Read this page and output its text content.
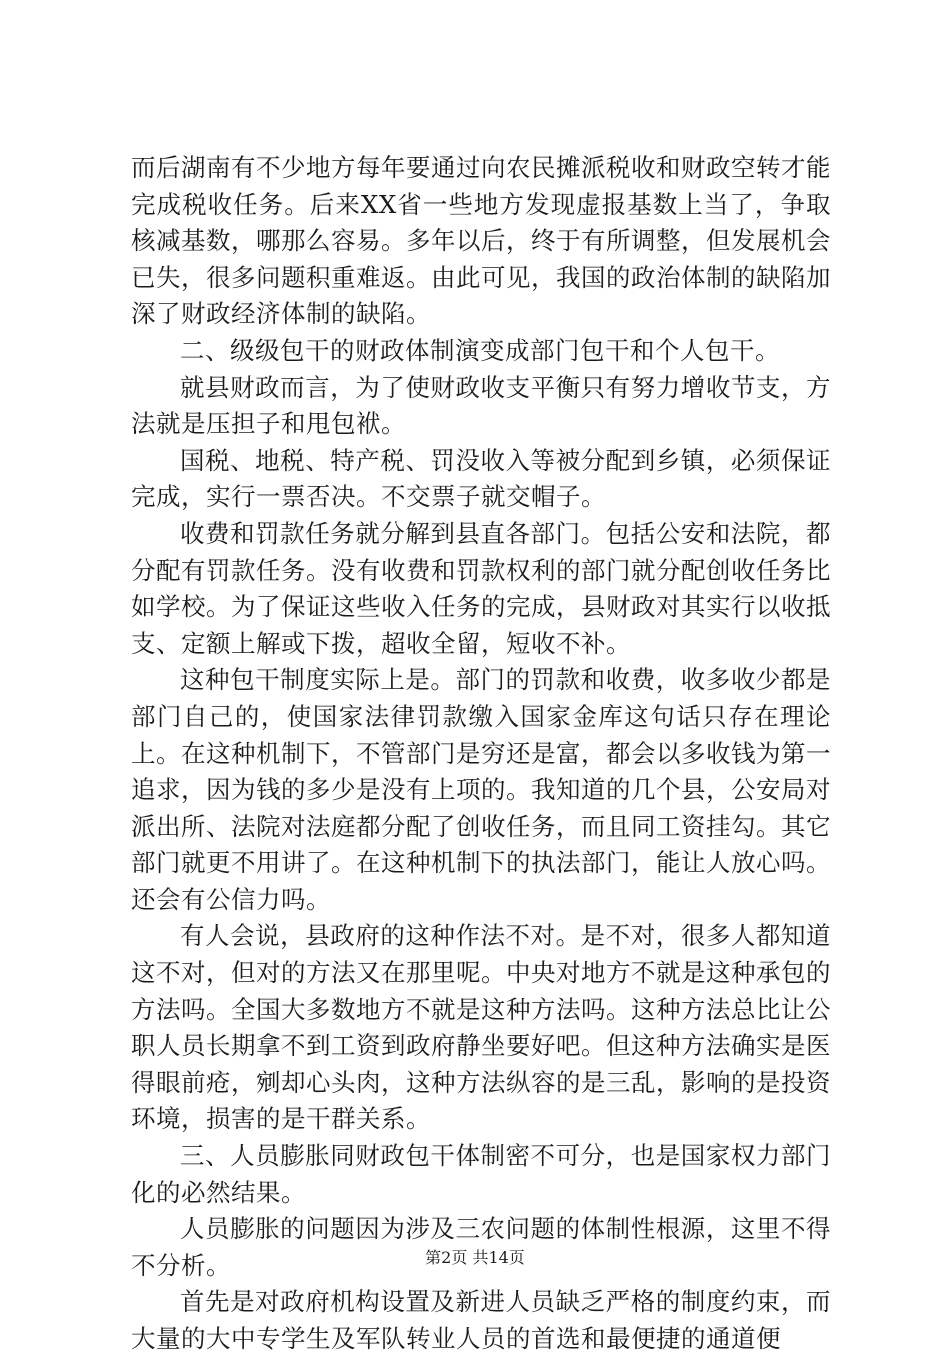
而后湖南有不少地方每年要通过向农民摊派税收和财政空转才能完成税收任务。后来XX省一些地方发现虚报基数上当了，争取核减基数，哪那么容易。多年以后，终于有所调整，但发展机会已失，很多问题积重难返。由此可见，我国的政治体制的缺陷加深了财政经济体制的缺陷。

二、级级包干的财政体制演变成部门包干和个人包干。

就县财政而言，为了使财政收支平衡只有努力增收节支，方法就是压担子和甩包袱。

国税、地税、特产税、罚没收入等被分配到乡镇，必须保证完成，实行一票否决。不交票子就交帽子。

收费和罚款任务就分解到县直各部门。包括公安和法院，都分配有罚款任务。没有收费和罚款权利的部门就分配创收任务比如学校。为了保证这些收入任务的完成，县财政对其实行以收抵支、定额上解或下拨，超收全留，短收不补。

这种包干制度实际上是。部门的罚款和收费，收多收少都是部门自己的，使国家法律罚款缴入国家金库这句话只存在理论上。在这种机制下，不管部门是穷还是富，都会以多收钱为第一追求，因为钱的多少是没有上项的。我知道的几个县，公安局对派出所、法院对法庭都分配了创收任务，而且同工资挂勾。其它部门就更不用讲了。在这种机制下的执法部门，能让人放心吗。还会有公信力吗。

有人会说，县政府的这种作法不对。是不对，很多人都知道这不对，但对的方法又在那里呢。中央对地方不就是这种承包的方法吗。全国大多数地方不就是这种方法吗。这种方法总比让公职人员长期拿不到工资到政府静坐要好吧。但这种方法确实是医得眼前疮，剜却心头肉，这种方法纵容的是三乱，影响的是投资环境，损害的是干群关系。

三、人员膨胀同财政包干体制密不可分，也是国家权力部门化的必然结果。

人员膨胀的问题因为涉及三农问题的体制性根源，这里不得不分析。

首先是对政府机构设置及新进人员缺乏严格的制度约束，而大量的大中专学生及军队转业人员的首选和最便捷的通道便

第2页 共14页
